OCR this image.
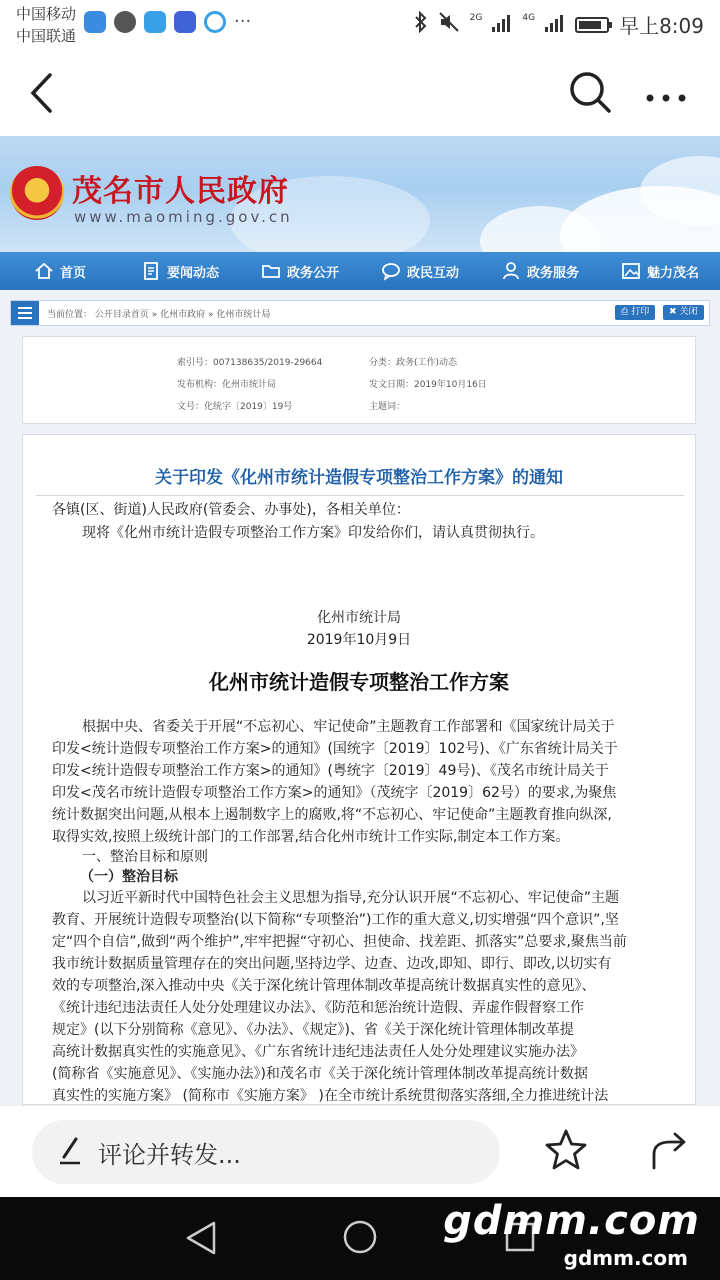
中国移动
中国联通
···	2G	4G	早上8:09
茂名市人民政府
www.maoming.gov.cn
首页	要闻动态	政务公开	政民互动	政务服务	魅力茂名
当前位置： 公开目录首页 » 化州市政府 » 化州市统计局	⎙ 打印 ✖ 关闭
索引号：007138635/2019-29664	分类：政务(工作)动态
发布机构：化州市统计局	发文日期：2019年10月16日
文号：化统字〔2019〕19号	主题词：
关于印发《化州市统计造假专项整治工作方案》的通知
各镇(区、街道)人民政府(管委会、办事处)，各相关单位：
现将《化州市统计造假专项整治工作方案》印发给你们，请认真贯彻执行。
化州市统计局
2019年10月9日
化州市统计造假专项整治工作方案
根据中央、省委关于开展“不忘初心、牢记使命”主题教育工作部署和《国家统计局关于
印发<统计造假专项整治工作方案>的通知》(国统字〔2019〕102号)、《广东省统计局关于
印发<统计造假专项整治工作方案>的通知》(粤统字〔2019〕49号)、《茂名市统计局关于
印发<茂名市统计造假专项整治工作方案>的通知》（茂统字〔2019〕62号）的要求,为聚焦
统计数据突出问题,从根本上遏制数字上的腐败,将“不忘初心、牢记使命”主题教育推向纵深,
取得实效,按照上级统计部门的工作部署,结合化州市统计工作实际,制定本工作方案。
一、整治目标和原则
（一）整治目标
以习近平新时代中国特色社会主义思想为指导,充分认识开展“不忘初心、牢记使命”主题
教育、开展统计造假专项整治(以下简称“专项整治”)工作的重大意义,切实增强“四个意识”,坚
定“四个自信”,做到“两个维护”,牢牢把握“守初心、担使命、找差距、抓落实”总要求,聚焦当前
我市统计数据质量管理存在的突出问题,坚持边学、边查、边改,即知、即行、即改,以切实有
效的专项整治,深入推动中央《关于深化统计管理体制改革提高统计数据真实性的意见》、
《统计违纪违法责任人处分处理建议办法》、《防范和惩治统计造假、弄虚作假督察工作
规定》(以下分别简称《意见》、《办法》、《规定》)、省《关于深化统计管理体制改革提
高统计数据真实性的实施意见》、《广东省统计违纪违法责任人处分处理建议实施办法》
(简称省《实施意见》、《实施办法》)和茂名市《关于深化统计管理体制改革提高统计数据
真实性的实施方案》 (简称市《实施方案》 )在全市统计系统贯彻落实落细,全力推进统计法
评论并转发...
gdmm.com
gdmm.com
